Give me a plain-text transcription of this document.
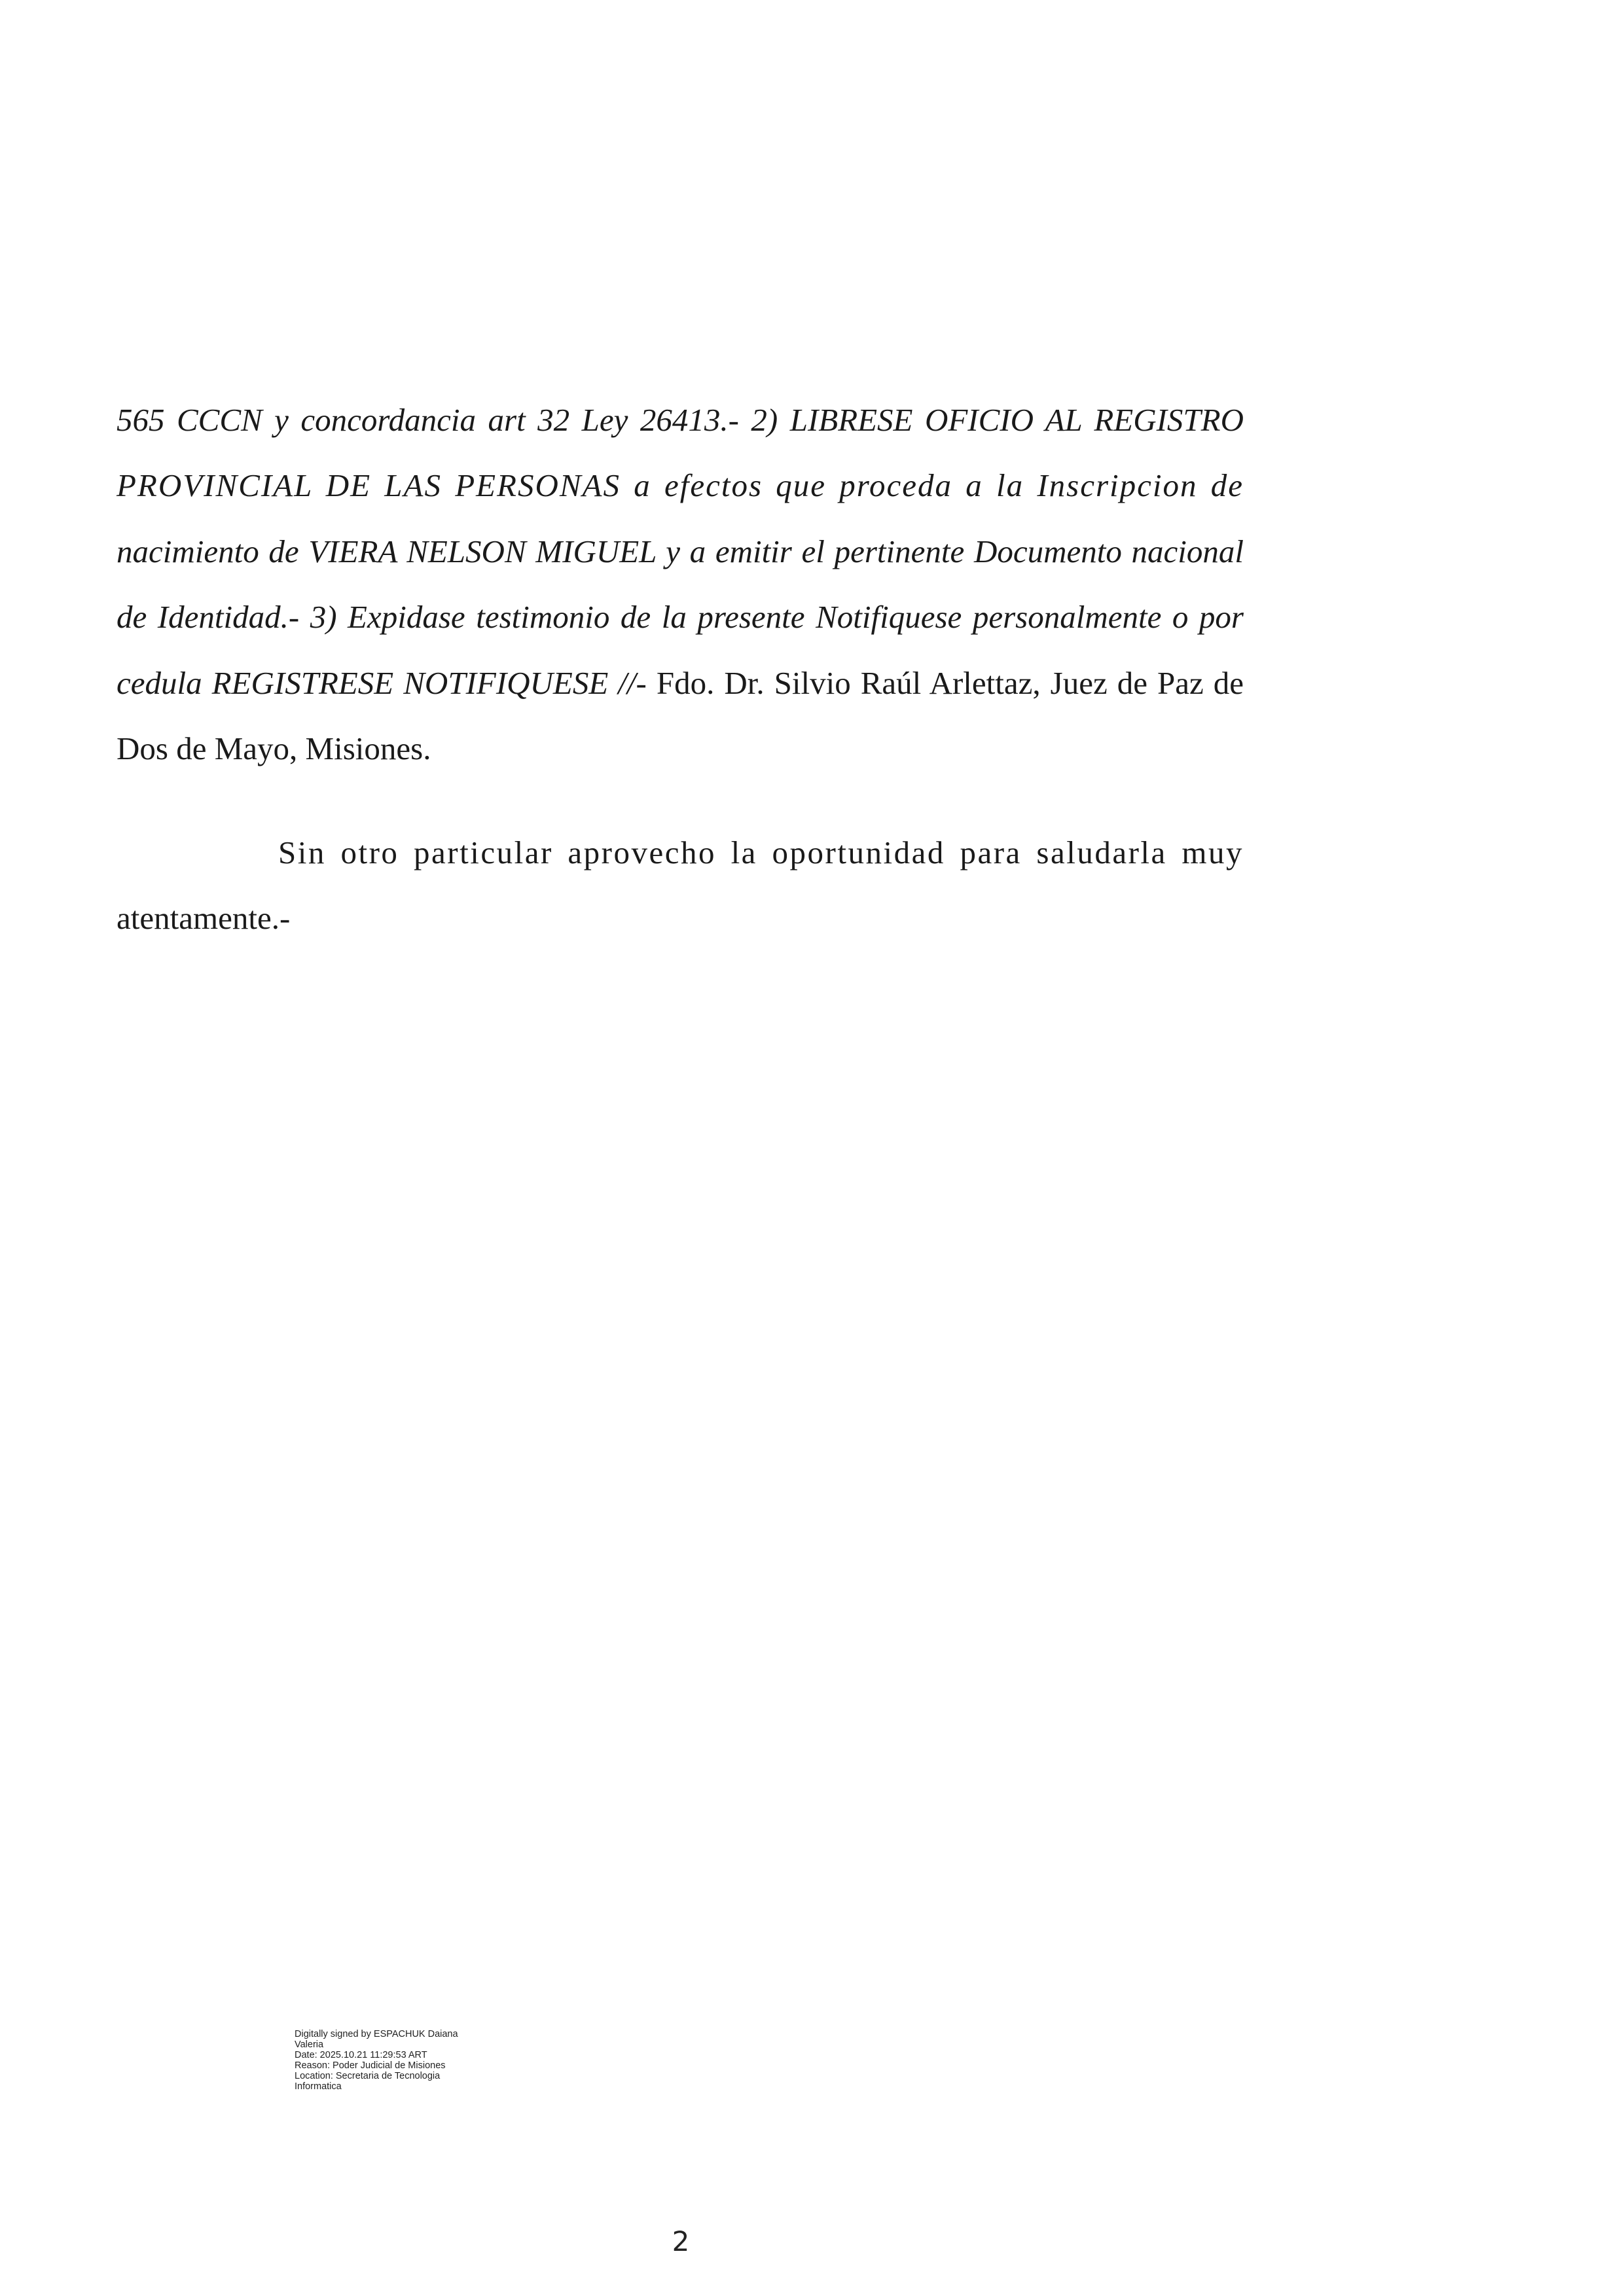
565 CCCN y concordancia art 32 Ley 26413.- 2) LIBRESE OFICIO AL REGISTRO
PROVINCIAL DE LAS PERSONAS a efectos que proceda a la Inscripcion de
nacimiento de VIERA NELSON MIGUEL y a emitir el pertinente Documento nacional
de Identidad.- 3) Expidase testimonio de la presente Notifiquese personalmente o por
cedula REGISTRESE NOTIFIQUESE //- Fdo. Dr. Silvio Raúl Arlettaz, Juez de Paz de
Dos de Mayo, Misiones.
Sin otro particular aprovecho la oportunidad para saludarla muy
atentamente.-
Digitally signed by ESPACHUK Daiana
Valeria
Date: 2025.10.21 11:29:53 ART
Reason: Poder Judicial de Misiones
Location: Secretaria de Tecnologia
Informatica
2
